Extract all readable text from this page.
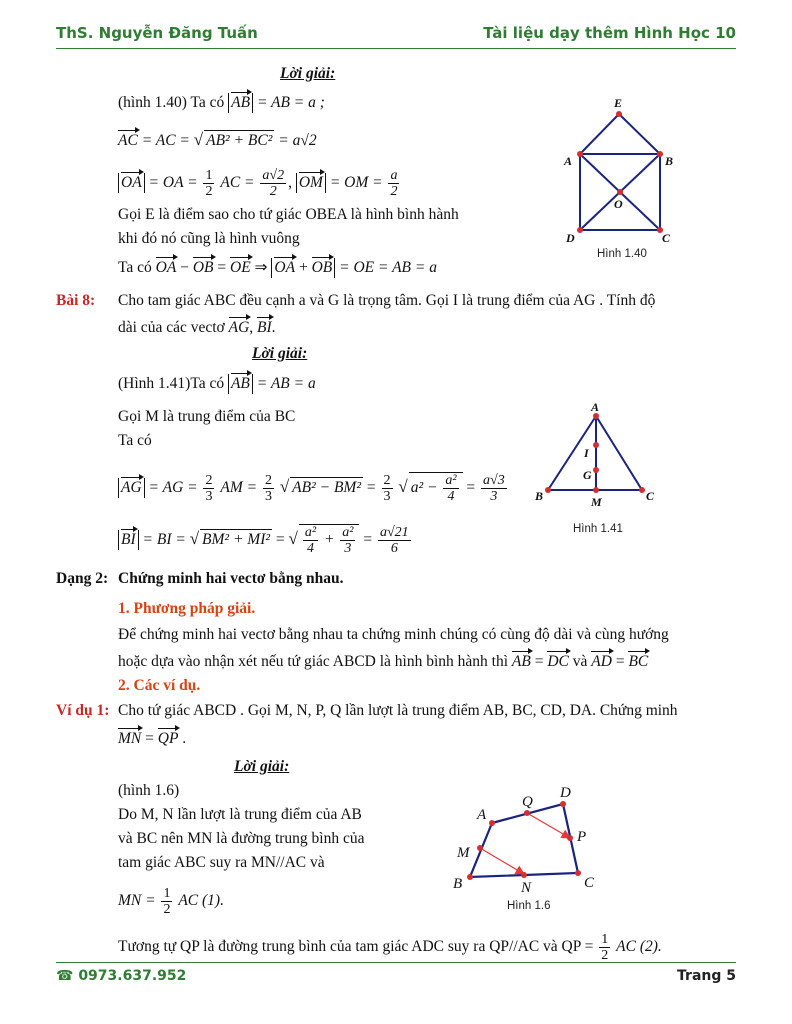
ThS. Nguyễn Đăng Tuấn	Tài liệu dạy thêm Hình Học 10
Lời giải:
(hình 1.40) Ta có AB = AB = a ;
AC = AC = √ AB² + BC² = a√2
OA = OA = $\frac{1}{2}$ AC = $\frac{a√2}{2}$ , OM = OM = $\frac{a}{2}$
Gọi E là điểm sao cho tứ giác OBEA là hình bình hành
khi đó nó cũng là hình vuông
Ta có OA − OB = OE ⇒ OA + OB = OE = AB = a
E
A	B
O
D	C
Hình 1.40
Bài 8: Cho tam giác ABC đều cạnh a và G là trọng tâm. Gọi I là trung điểm của AG . Tính độ
dài của các vectơ AG, BI.
Lời giải:
(Hình 1.41)Ta có AB = AB = a
Gọi M là trung điểm của BC
Ta có
AG = AG = $\frac{2}{3}$ AM = $\frac{2}{3}$ √ $AB^2 - BM^2 = \frac{2}{3}$ √ $a^2 - \frac{\text{a²}}{4} = \frac{a√3}{3}$
BI = BI = √ BM² + MI² = √ $\frac{\text{a²}}{4} + \frac{\text{a²}}{3} = \frac{a√21}{6}$
A
I
G
B	M	C
Hình 1.41
Dạng 2: Chứng minh hai vectơ bằng nhau.
1. Phương pháp giải.
Để chứng minh hai vectơ bằng nhau ta chứng minh chúng có cùng độ dài và cùng hướng
hoặc dựa vào nhận xét nếu tứ giác ABCD là hình bình hành thì AB = DC và AD = BC
2. Các ví dụ.
Ví dụ 1: Cho tứ giác ABCD . Gọi M, N, P, Q lần lượt là trung điểm AB, BC, CD, DA. Chứng minh
MN = QP .
Lời giải:
(hình 1.6)
Do M, N lần lượt là trung điểm của AB
và BC nên MN là đường trung bình của
tam giác ABC suy ra MN//AC và
MN = $\frac{1}{2}$ AC (1).
Q
D
A
P
M
B	N	C
Hình 1.6
Tương tự QP là đường trung bình của tam giác ADC suy ra QP//AC và QP = $\frac{1}{2}$ AC (2).
☎ 0973.637.952	Trang 5
